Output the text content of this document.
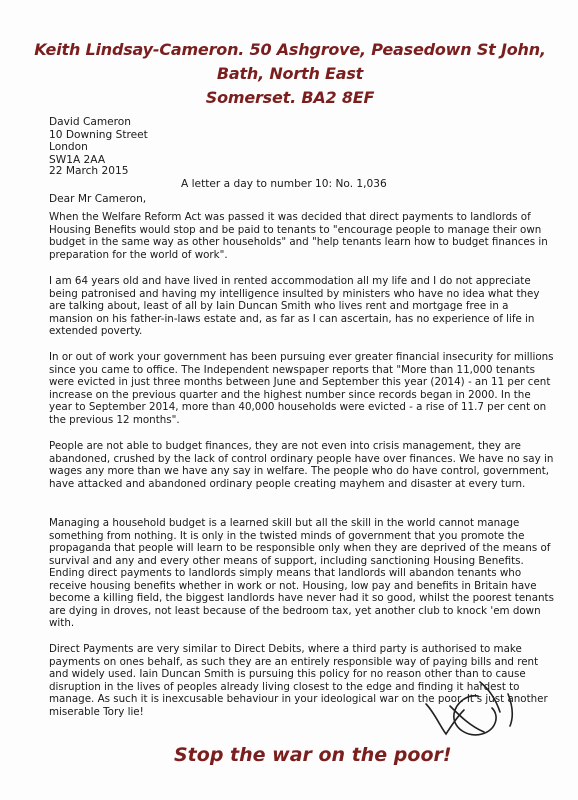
Keith Lindsay-Cameron. 50 Ashgrove, Peasedown St John, Bath, North East
Somerset. BA2 8EF
David Cameron
10 Downing Street
London
SW1A 2AA
22 March 2015
A letter a day to number 10: No. 1,036
Dear Mr Cameron,

When the Welfare Reform Act was passed it was decided that direct payments to landlords of Housing Benefits would stop and be paid to tenants to "encourage people to manage their own budget in the same way as other households" and "help tenants learn how to budget finances in preparation for the world of work".

I am 64 years old and have lived in rented accommodation all my life and I do not appreciate being patronised and having my intelligence insulted by ministers who have no idea what they are talking about, least of all by Iain Duncan Smith who lives rent and mortgage free in a mansion on his father-in-laws estate and, as far as I can ascertain, has no experience of life in extended poverty.

In or out of work your government has been pursuing ever greater financial insecurity for millions since you came to office. The Independent newspaper reports that "More than 11,000 tenants were evicted in just three months between June and September this year (2014) - an 11 per cent increase on the previous quarter and the highest number since records began in 2000. In the year to September 2014, more than 40,000 households were evicted - a rise of 11.7 per cent on the previous 12 months".

People are not able to budget finances, they are not even into crisis management, they are abandoned, crushed by the lack of control ordinary people have over finances. We have no say in wages any more than we have any say in welfare. The people who do have control, government, have attacked and abandoned ordinary people creating mayhem and disaster at every turn.

Managing a household budget is a learned skill but all the skill in the world cannot manage something from nothing. It is only in the twisted minds of government that you promote the propaganda that people will learn to be responsible only when they are deprived of the means of survival and any and every other means of support, including sanctioning Housing Benefits.

Ending direct payments to landlords simply means that landlords will abandon tenants who receive housing benefits whether in work or not. Housing, low pay and benefits in Britain have become a killing field, the biggest landlords have never had it so good, whilst the poorest tenants are dying in droves, not least because of the bedroom tax, yet another club to knock 'em down with.

Direct Payments are very similar to Direct Debits, where a third party is authorised to make payments on ones behalf, as such they are an entirely responsible way of paying bills and rent and widely used. Iain Duncan Smith is pursuing this policy for no reason other than to cause disruption in the lives of peoples already living closest to the edge and finding it hardest to manage. As such it is inexcusable behaviour in your ideological war on the poor. It's just another miserable Tory lie!

Stop the war on the poor!
